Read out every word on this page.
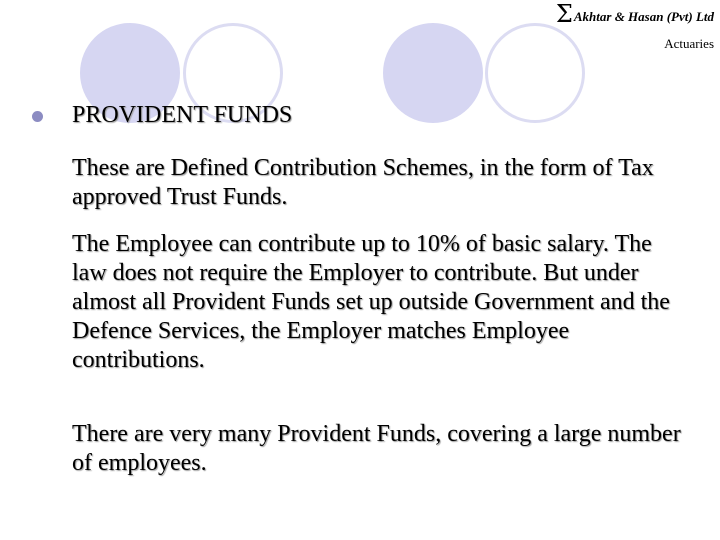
ΣAkhtar & Hasan (Pvt) Ltd
Actuaries
PROVIDENT FUNDS
These are Defined Contribution Schemes, in the form of Tax approved Trust Funds.
The Employee can contribute up to 10% of basic salary. The law does not require the Employer to contribute. But under almost all Provident Funds set up outside Government and the Defence Services, the Employer matches Employee contributions.
There are very many Provident Funds, covering a large number of employees.
